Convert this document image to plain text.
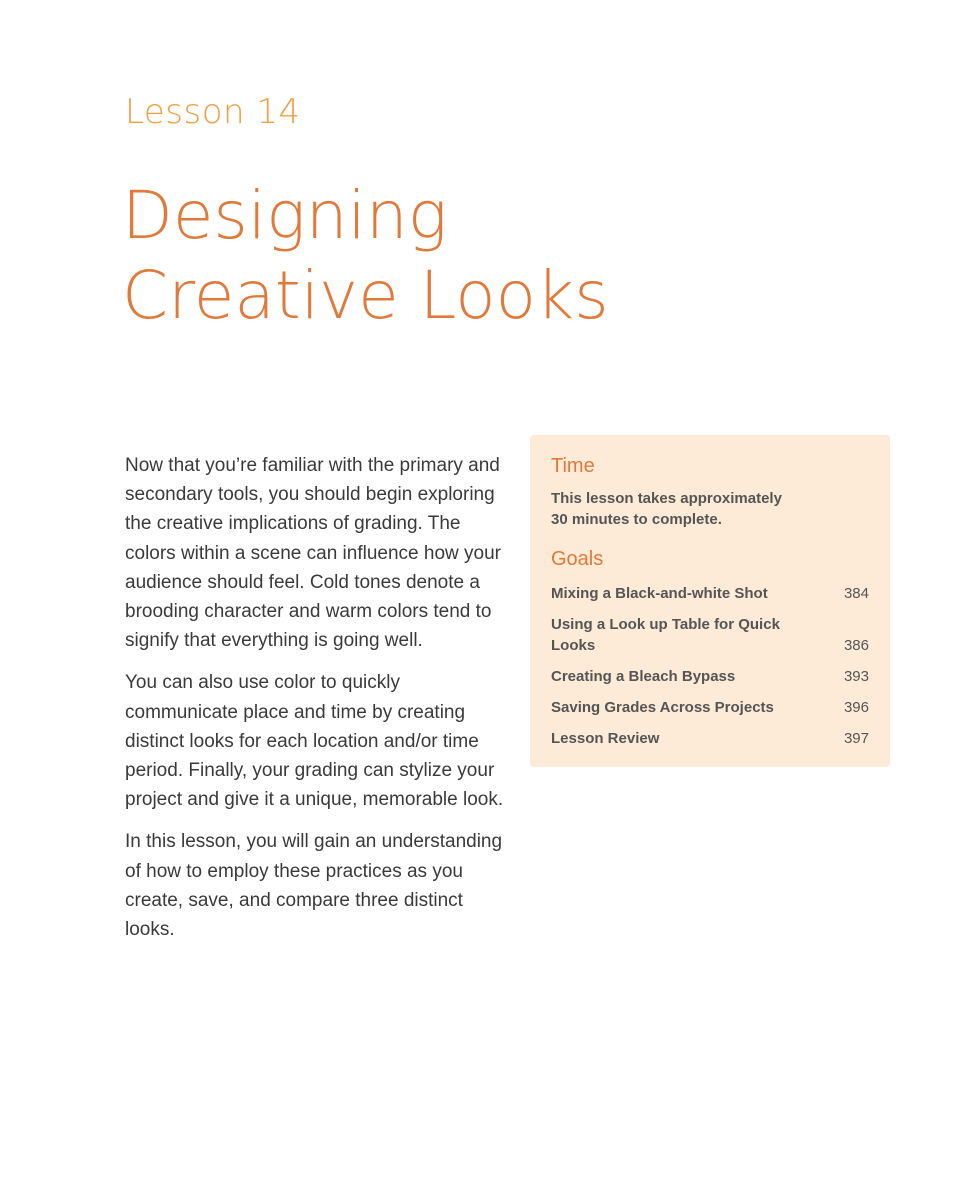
Lesson 14
Designing
Creative Looks

Now that you’re familiar with the primary and secondary tools, you should begin exploring the creative implications of grading. The colors within a scene can influence how your audience should feel. Cold tones denote a brooding character and warm colors tend to signify that everything is going well.

You can also use color to quickly communicate place and time by creating distinct looks for each location and/or time period. Finally, your grading can stylize your project and give it a unique, memorable look.

In this lesson, you will gain an understanding of how to employ these practices as you create, save, and compare three distinct looks.

Time
This lesson takes approximately 30 minutes to complete.
Goals
Mixing a Black-and-white Shot	384
Using a Look up Table for Quick Looks	386
Creating a Bleach Bypass	393
Saving Grades Across Projects	396
Lesson Review	397
